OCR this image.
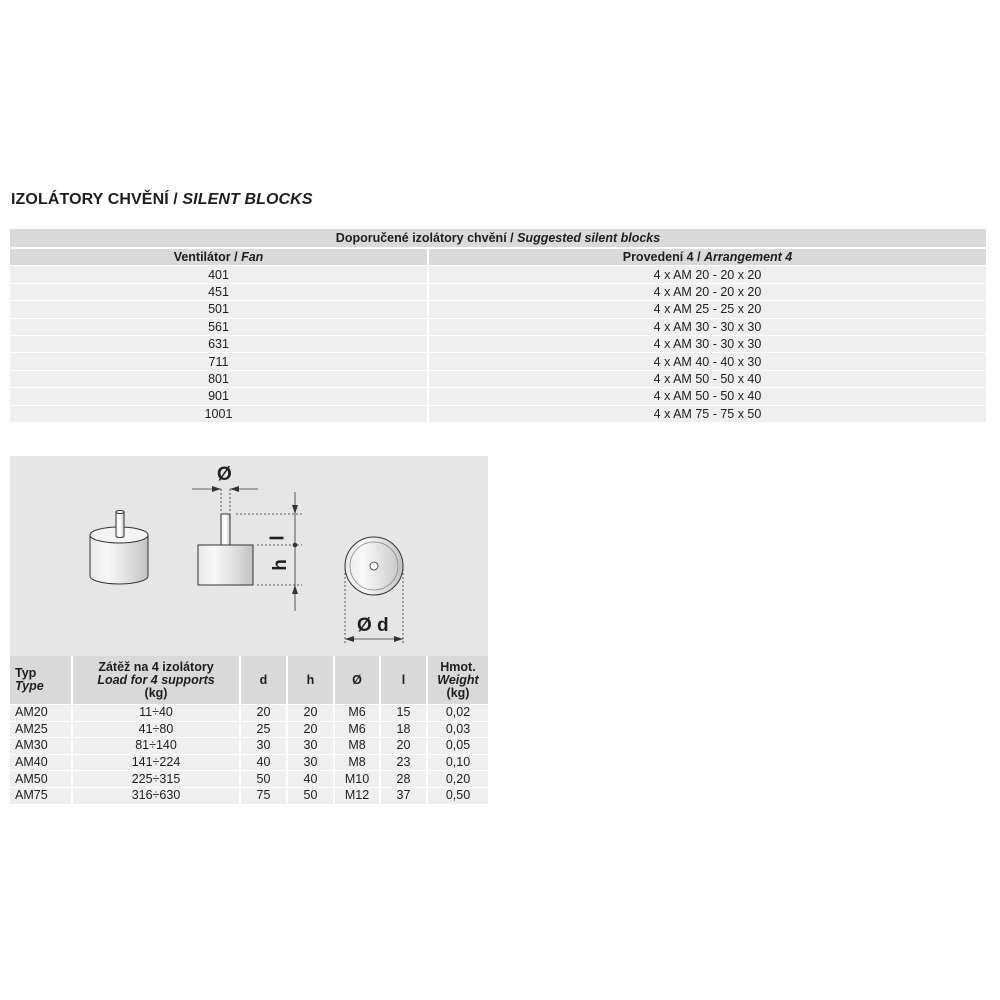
IZOLÁTORY CHVĚNÍ / SILENT BLOCKS
Doporučené izolátory chvění / Suggested silent blocks	
Ventilátor / Fan	Provedení 4 / Arrangement 4
401	4 x AM 20 - 20 x 20
451	4 x AM 20 - 20 x 20
501	4 x AM 25 - 25 x 20
561	4 x AM 30 - 30 x 30
631	4 x AM 30 - 30 x 30
711	4 x AM 40 - 40 x 30
801	4 x AM 50 - 50 x 40
901	4 x AM 50 - 50 x 40
1001	4 x AM 75 - 75 x 50
Ø
l
h
Ø d
Typ
Type	Zátěž na 4 izolátory
Load for 4 supports
(kg)	d	h	Ø	l	Hmot.
Weight
(kg)

AM20	11÷40	20	20	M6	15	0,02
AM25	41÷80	25	20	M6	18	0,03
AM30	81÷140	30	30	M8	20	0,05
AM40	141÷224	40	30	M8	23	0,10
AM50	225÷315	50	40	M10	28	0,20
AM75	316÷630	75	50	M12	37	0,50
